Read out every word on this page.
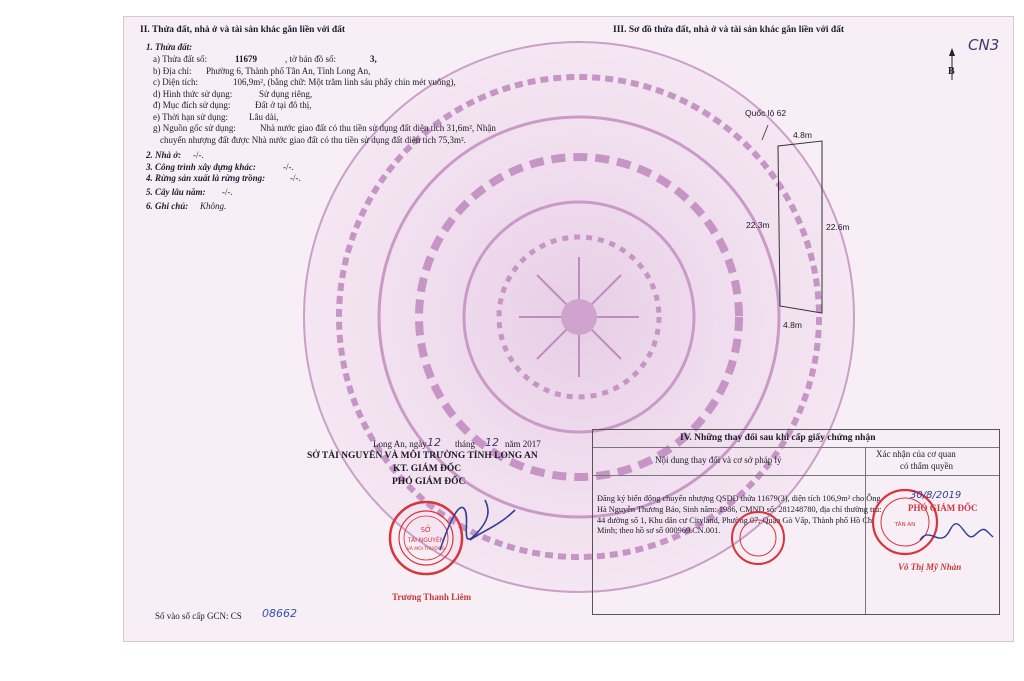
II. Thửa đất, nhà ở và tài sản khác gắn liền với đất
1. Thửa đất:
a) Thửa đất số:	11679	, tờ bản đồ số:	3,
b) Địa chỉ: Phường 6, Thành phố Tân An, Tỉnh Long An,
c) Diện tích:	106,9m², (bằng chữ: Một trăm linh sáu phẩy chín mét vuông),
d) Hình thức sử dụng:	Sử dụng riêng,
đ) Mục đích sử dụng:	Đất ở tại đô thị,
e) Thời hạn sử dụng: Lâu dài,
g) Nguồn gốc sử dụng:	Nhà nước giao đất có thu tiền sử dụng đất diện tích 31,6m², Nhận
chuyển nhượng đất được Nhà nước giao đất có thu tiền sử dụng đất diện tích 75,3m².
2. Nhà ở: -/-.
3. Công trình xây dựng khác:	-/-.
4. Rừng sản xuất là rừng trồng:	-/-.
5. Cây lâu năm: -/-.
6. Ghi chú: Không.
III. Sơ đồ thửa đất, nhà ở và tài sản khác gắn liền với đất
CN3
B
Quốc lộ 62
4.8m
22.3m	22.6m
4.8m
Long An, ngày 12 tháng 12 năm 2017
SỞ TÀI NGUYÊN VÀ MÔI TRƯỜNG TỈNH LONG AN
KT. GIÁM ĐỐC
PHÓ GIÁM ĐỐC
SỞ
TÀI NGUYÊN
VÀ MÔI TRƯỜNG
Trương Thanh Liêm
Số vào sổ cấp GCN: CS 08662
IV. Những thay đổi sau khi cấp giấy chứng nhận
Nội dung thay đổi và cơ sở pháp lý
Xác nhận của cơ quan
có thẩm quyền
Đăng ký biến động chuyển nhượng QSDĐ thửa 11679(3), diện tích 106,9m² cho Ông Hà Nguyễn Thương Bảo, Sinh năm: 1986, CMND số: 281248780, địa chỉ thường trú: 44 đường số 1, Khu dân cư Cityland, Phường 07, Quận Gò Vấp, Thành phố Hồ Chí Minh; theo hồ sơ số 000969.CN.001.
TÂN AN
30/8/2019
PHÓ GIÁM ĐỐC
Võ Thị Mỹ Nhàn
